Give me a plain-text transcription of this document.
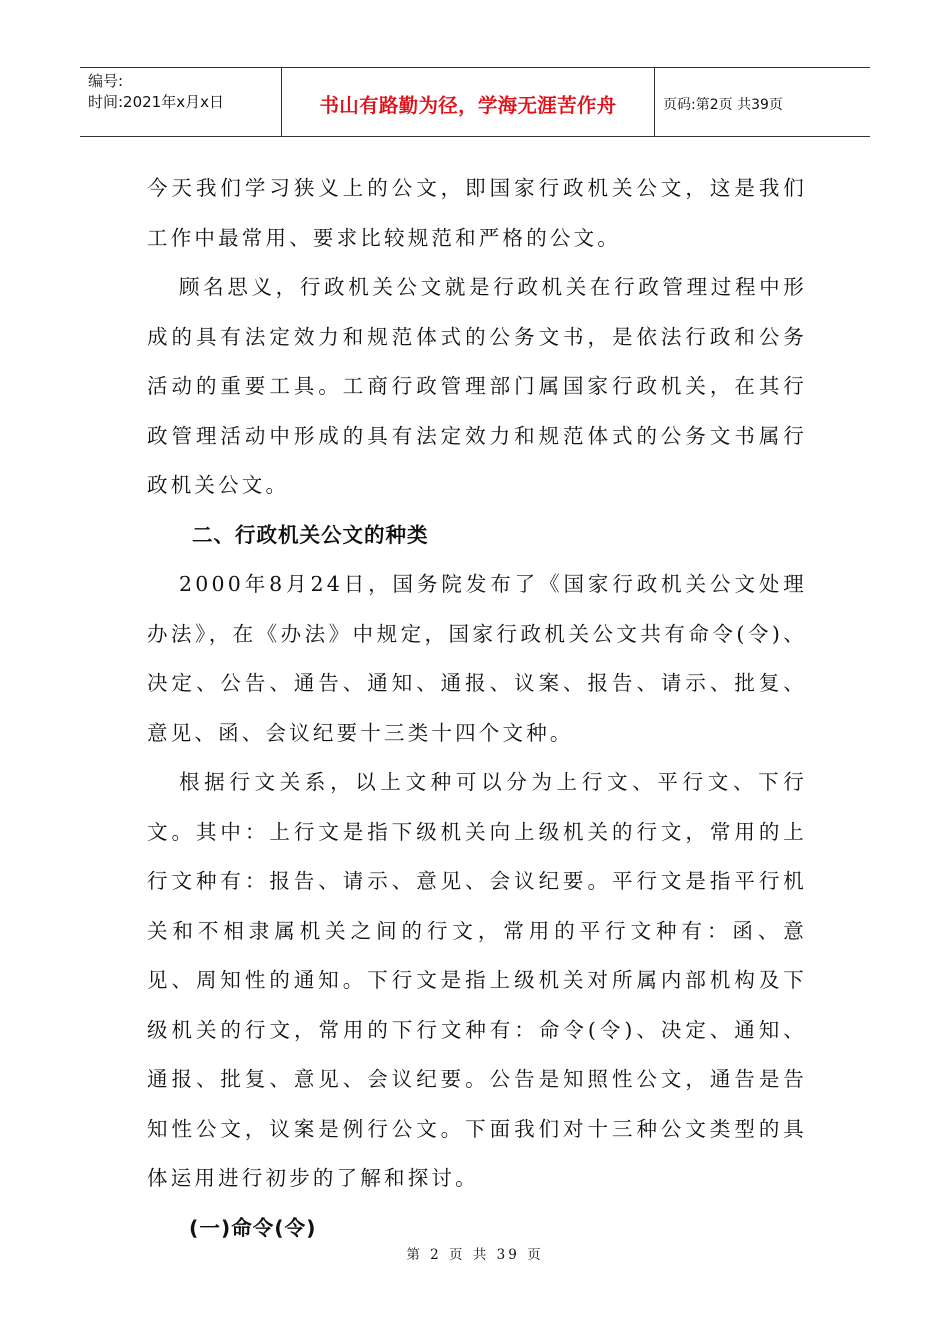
编号:
时间:2021年x月x日	书山有路勤为径，学海无涯苦作舟	页码:第2页 共39页

今天我们学习狭义上的公文，即国家行政机关公文，这是我们工作中最常用、要求比较规范和严格的公文。

顾名思义，行政机关公文就是行政机关在行政管理过程中形成的具有法定效力和规范体式的公务文书，是依法行政和公务活动的重要工具。工商行政管理部门属国家行政机关，在其行政管理活动中形成的具有法定效力和规范体式的公务文书属行政机关公文。

二、行政机关公文的种类

2000年8月24日，国务院发布了《国家行政机关公文处理办法》，在《办法》中规定，国家行政机关公文共有命令(令)、决定、公告、通告、通知、通报、议案、报告、请示、批复、意见、函、会议纪要十三类十四个文种。

根据行文关系，以上文种可以分为上行文、平行文、下行文。其中：上行文是指下级机关向上级机关的行文，常用的上行文种有：报告、请示、意见、会议纪要。平行文是指平行机关和不相隶属机关之间的行文，常用的平行文种有：函、意见、周知性的通知。下行文是指上级机关对所属内部机构及下级机关的行文，常用的下行文种有：命令(令)、决定、通知、通报、批复、意见、会议纪要。公告是知照性公文，通告是告知性公文，议案是例行公文。下面我们对十三种公文类型的具体运用进行初步的了解和探讨。

(一)命令(令)

第 2 页 共 39 页
